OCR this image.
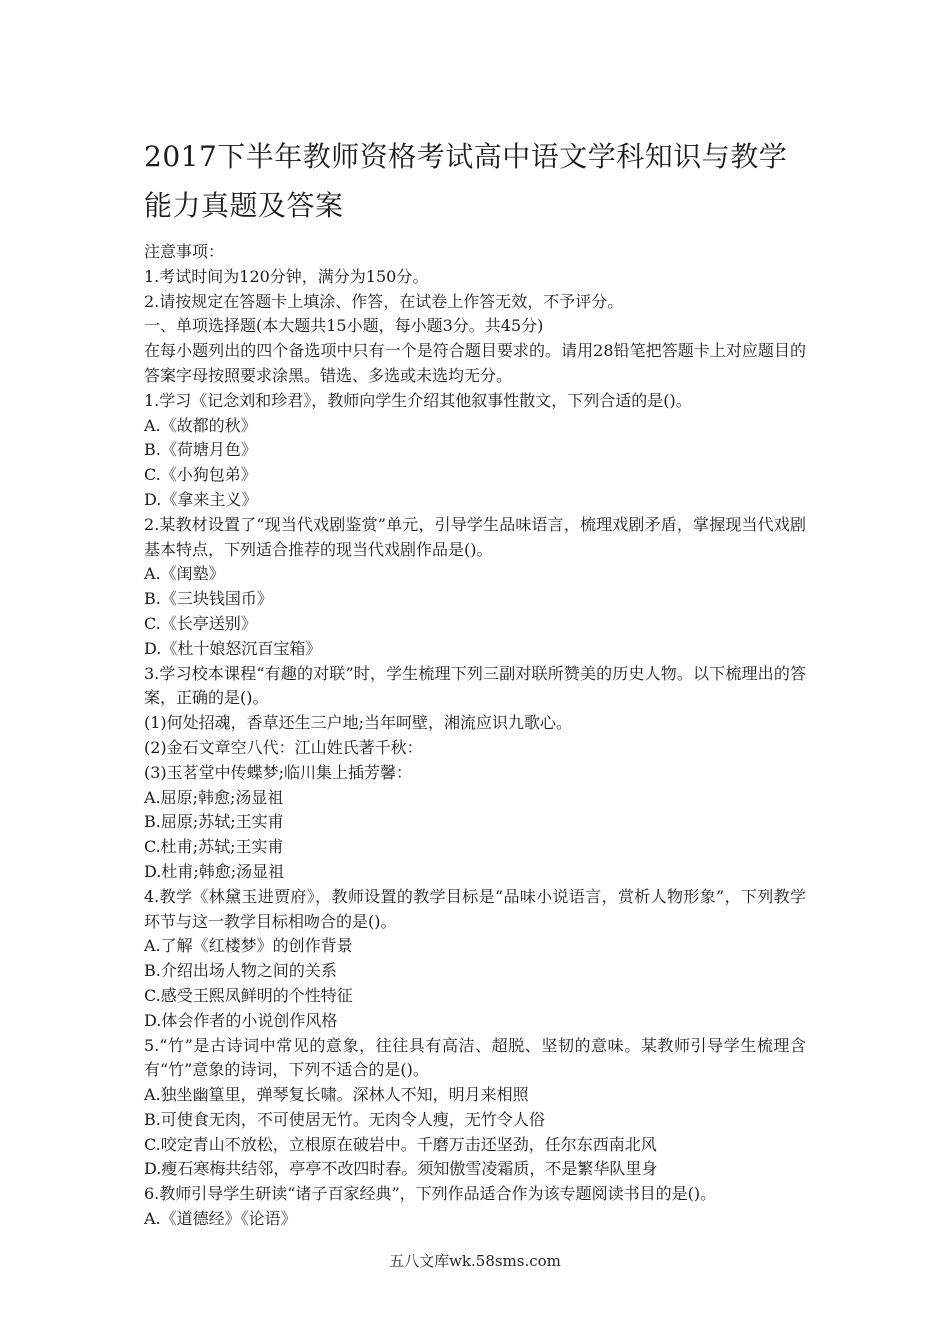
2017下半年教师资格考试高中语文学科知识与教学能力真题及答案
注意事项：
1.考试时间为120分钟，满分为150分。
2.请按规定在答题卡上填涂、作答，在试卷上作答无效，不予评分。
一、单项选择题(本大题共15小题，每小题3分。共45分)
在每小题列出的四个备选项中只有一个是符合题目要求的。请用28铅笔把答题卡上对应题目的答案字母按照要求涂黑。错选、多选或未选均无分。
1.学习《记念刘和珍君》，教师向学生介绍其他叙事性散文，下列合适的是()。
A.《故都的秋》
B.《荷塘月色》
C.《小狗包弟》
D.《拿来主义》
2.某教材设置了“现当代戏剧鉴赏”单元，引导学生品味语言，梳理戏剧矛盾，掌握现当代戏剧基本特点，下列适合推荐的现当代戏剧作品是()。
A.《闺塾》
B.《三块钱国币》
C.《长亭送别》
D.《杜十娘怒沉百宝箱》
3.学习校本课程“有趣的对联”时，学生梳理下列三副对联所赞美的历史人物。以下梳理出的答案，正确的是()。
(1)何处招魂，香草还生三户地;当年呵壁，湘流应识九歌心。
(2)金石文章空八代：江山姓氏著千秋：
(3)玉茗堂中传蝶梦;临川集上插芳馨：
A.屈原;韩愈;汤显祖
B.屈原;苏轼;王实甫
C.杜甫;苏轼;王实甫
D.杜甫;韩愈;汤显祖
4.教学《林黛玉进贾府》，教师设置的教学目标是“品味小说语言，赏析人物形象”，下列教学环节与这一教学目标相吻合的是()。
A.了解《红楼梦》的创作背景
B.介绍出场人物之间的关系
C.感受王熙凤鲜明的个性特征
D.体会作者的小说创作风格
5.“竹”是古诗词中常见的意象，往往具有高洁、超脱、坚韧的意味。某教师引导学生梳理含有“竹”意象的诗词，下列不适合的是()。
A.独坐幽篁里，弹琴复长啸。深林人不知，明月来相照
B.可使食无肉，不可使居无竹。无肉令人瘦，无竹令人俗
C.咬定青山不放松，立根原在破岩中。千磨万击还坚劲，任尔东西南北风
D.瘦石寒梅共结邻，亭亭不改四时春。须知傲雪凌霜质，不是繁华队里身
6.教师引导学生研读“诸子百家经典”，下列作品适合作为该专题阅读书目的是()。
A.《道德经》《论语》
五八文库wk.58sms.com
